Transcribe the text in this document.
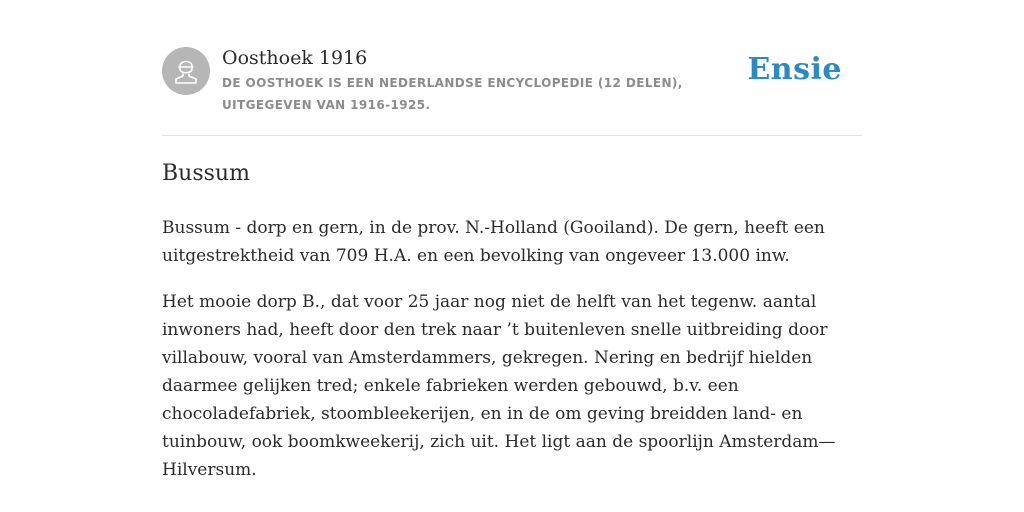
Oosthoek 1916
DE OOSTHOEK IS EEN NEDERLANDSE ENCYCLOPEDIE (12 DELEN), UITGEGEVEN VAN 1916-1925.
Ensie
Bussum

Bussum - dorp en gern, in de prov. N.-Holland (Gooiland). De gern, heeft een uitgestrektheid van 709 H.A. en een bevolking van ongeveer 13.000 inw.

Het mooie dorp B., dat voor 25 jaar nog niet de helft van het tegenw. aantal inwoners had, heeft door den trek naar ’t buitenleven snelle uitbreiding door villabouw, vooral van Amsterdammers, gekregen. Nering en bedrijf hielden daarmee gelijken tred; enkele fabrieken werden gebouwd, b.v. een chocoladefabriek, stoombleekerijen, en in de om geving breidden land- en tuinbouw, ook boomkweekerij, zich uit. Het ligt aan de spoorlijn Amsterdam—Hilversum.
